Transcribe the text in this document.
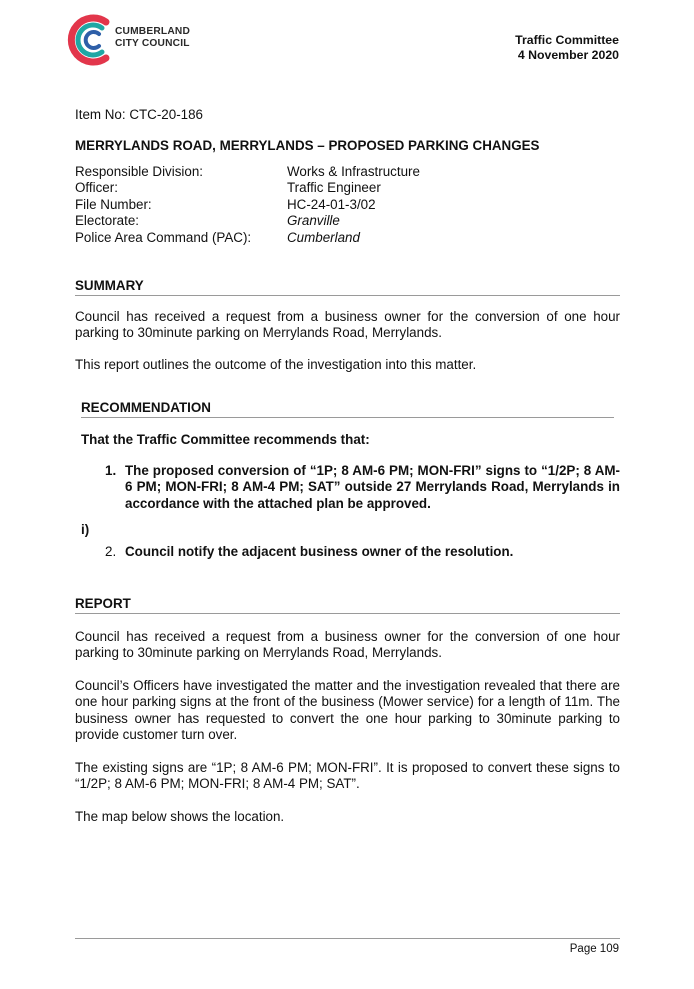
CUMBERLAND
CITY COUNCIL	Traffic Committee
4 November 2020
Item No: CTC-20-186
MERRYLANDS ROAD, MERRYLANDS – PROPOSED PARKING CHANGES
Responsible Division:	Works & Infrastructure
Officer:	Traffic Engineer
File Number:	HC-24-01-3/02
Electorate:	Granville
Police Area Command (PAC):	Cumberland
SUMMARY
Council has received a request from a business owner for the conversion of one hour parking to 30minute parking on Merrylands Road, Merrylands.
This report outlines the outcome of the investigation into this matter.
RECOMMENDATION
That the Traffic Committee recommends that:
1. The proposed conversion of “1P; 8 AM-6 PM; MON-FRI” signs to “1/2P; 8 AM-6 PM; MON-FRI; 8 AM-4 PM; SAT” outside 27 Merrylands Road, Merrylands in accordance with the attached plan be approved.
i)
2. Council notify the adjacent business owner of the resolution.
REPORT
Council has received a request from a business owner for the conversion of one hour parking to 30minute parking on Merrylands Road, Merrylands.
Council’s Officers have investigated the matter and the investigation revealed that there are one hour parking signs at the front of the business (Mower service) for a length of 11m. The business owner has requested to convert the one hour parking to 30minute parking to provide customer turn over.
The existing signs are “1P; 8 AM-6 PM; MON-FRI”. It is proposed to convert these signs to “1/2P; 8 AM-6 PM; MON-FRI; 8 AM-4 PM; SAT”.
The map below shows the location.
Page 109
